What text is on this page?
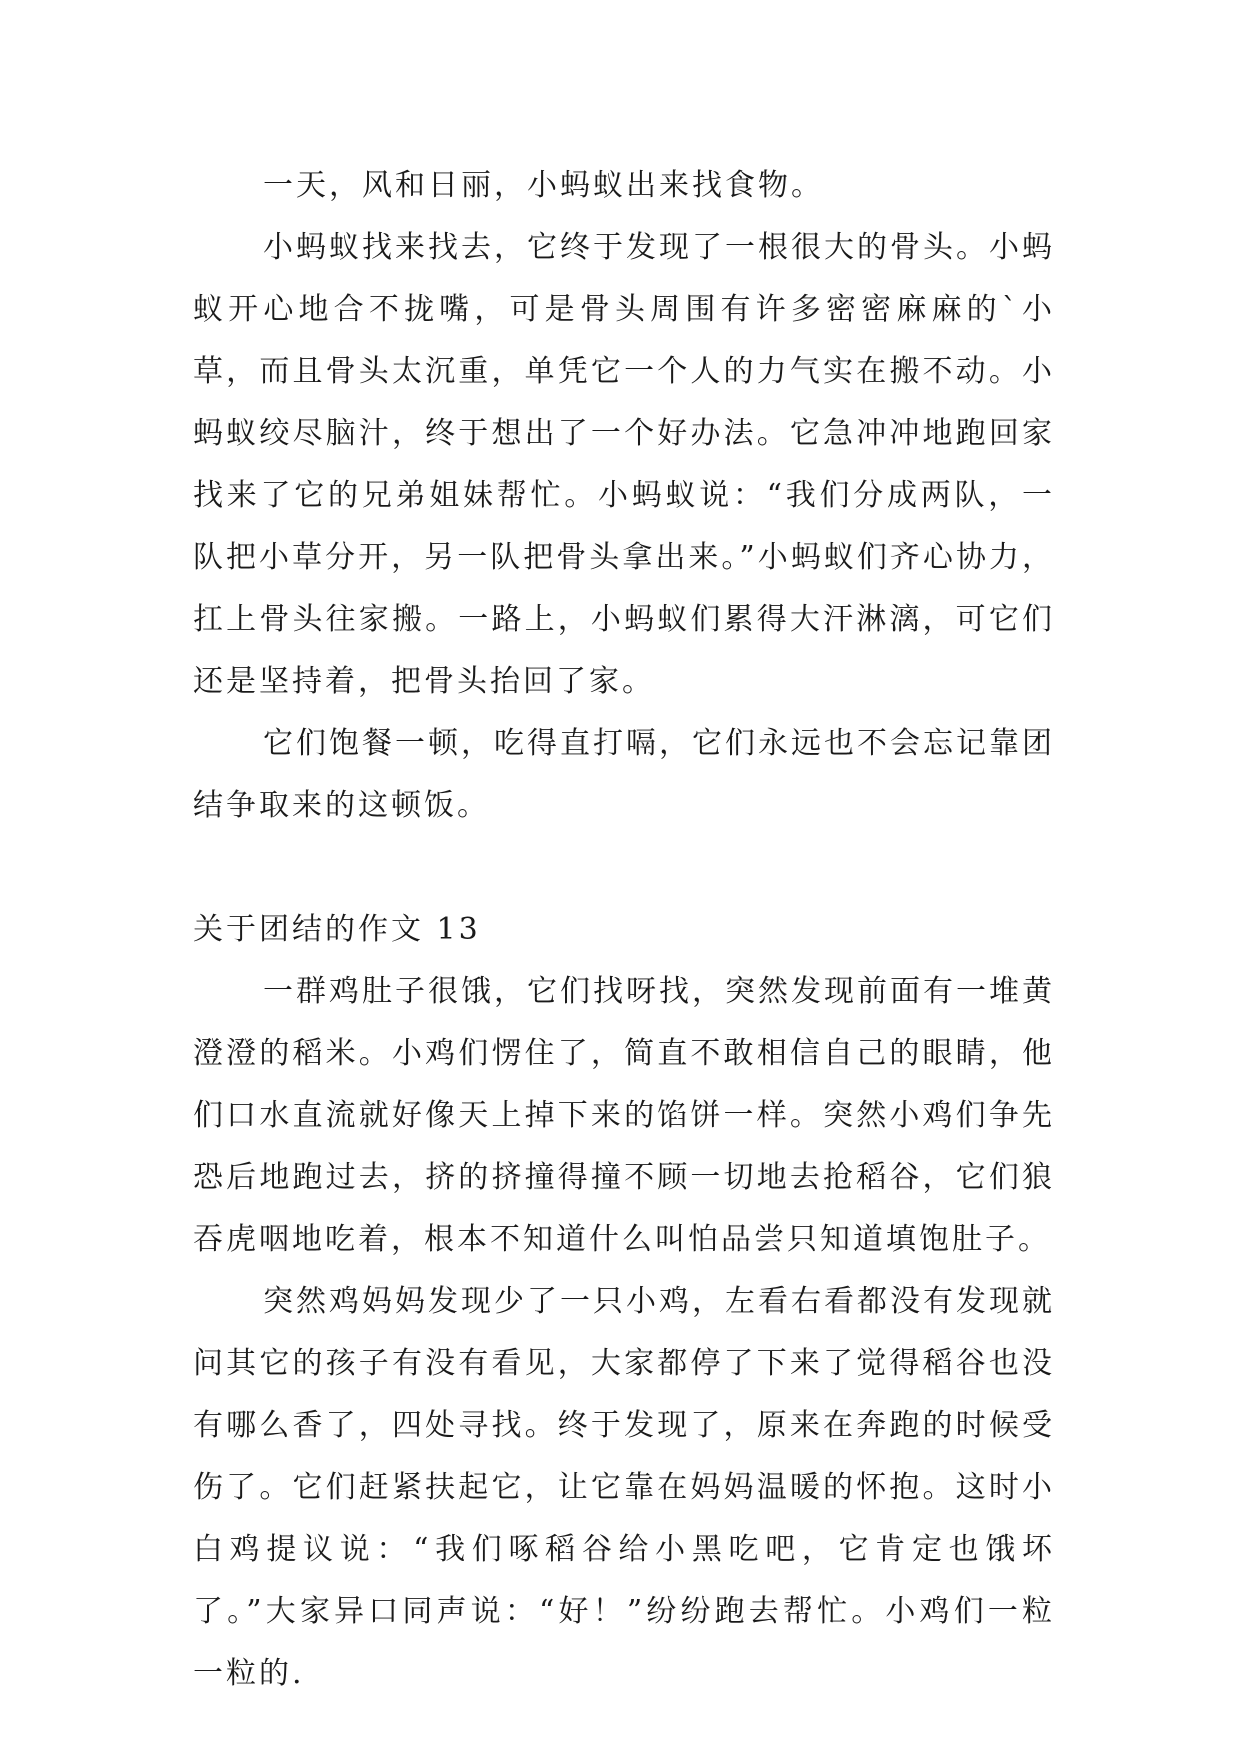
一天，风和日丽，小蚂蚁出来找食物。

小蚂蚁找来找去，它终于发现了一根很大的骨头。小蚂蚁开心地合不拢嘴，可是骨头周围有许多密密麻麻的`小草，而且骨头太沉重，单凭它一个人的力气实在搬不动。小蚂蚁绞尽脑汁，终于想出了一个好办法。它急冲冲地跑回家找来了它的兄弟姐妹帮忙。小蚂蚁说：“我们分成两队，一队把小草分开，另一队把骨头拿出来。”小蚂蚁们齐心协力，扛上骨头往家搬。一路上，小蚂蚁们累得大汗淋漓，可它们还是坚持着，把骨头抬回了家。

它们饱餐一顿，吃得直打嗝，它们永远也不会忘记靠团结争取来的这顿饭。

关于团结的作文 13

一群鸡肚子很饿，它们找呀找，突然发现前面有一堆黄澄澄的稻米。小鸡们愣住了，简直不敢相信自己的眼睛，他们口水直流就好像天上掉下来的馅饼一样。突然小鸡们争先恐后地跑过去，挤的挤撞得撞不顾一切地去抢稻谷，它们狼吞虎咽地吃着，根本不知道什么叫怕品尝只知道填饱肚子。

突然鸡妈妈发现少了一只小鸡，左看右看都没有发现就问其它的孩子有没有看见，大家都停了下来了觉得稻谷也没有哪么香了，四处寻找。终于发现了，原来在奔跑的时候受伤了。它们赶紧扶起它，让它靠在妈妈温暖的怀抱。这时小白鸡提议说：“我们啄稻谷给小黑吃吧，它肯定也饿坏了。”大家异口同声说：“好！”纷纷跑去帮忙。小鸡们一粒一粒的.
